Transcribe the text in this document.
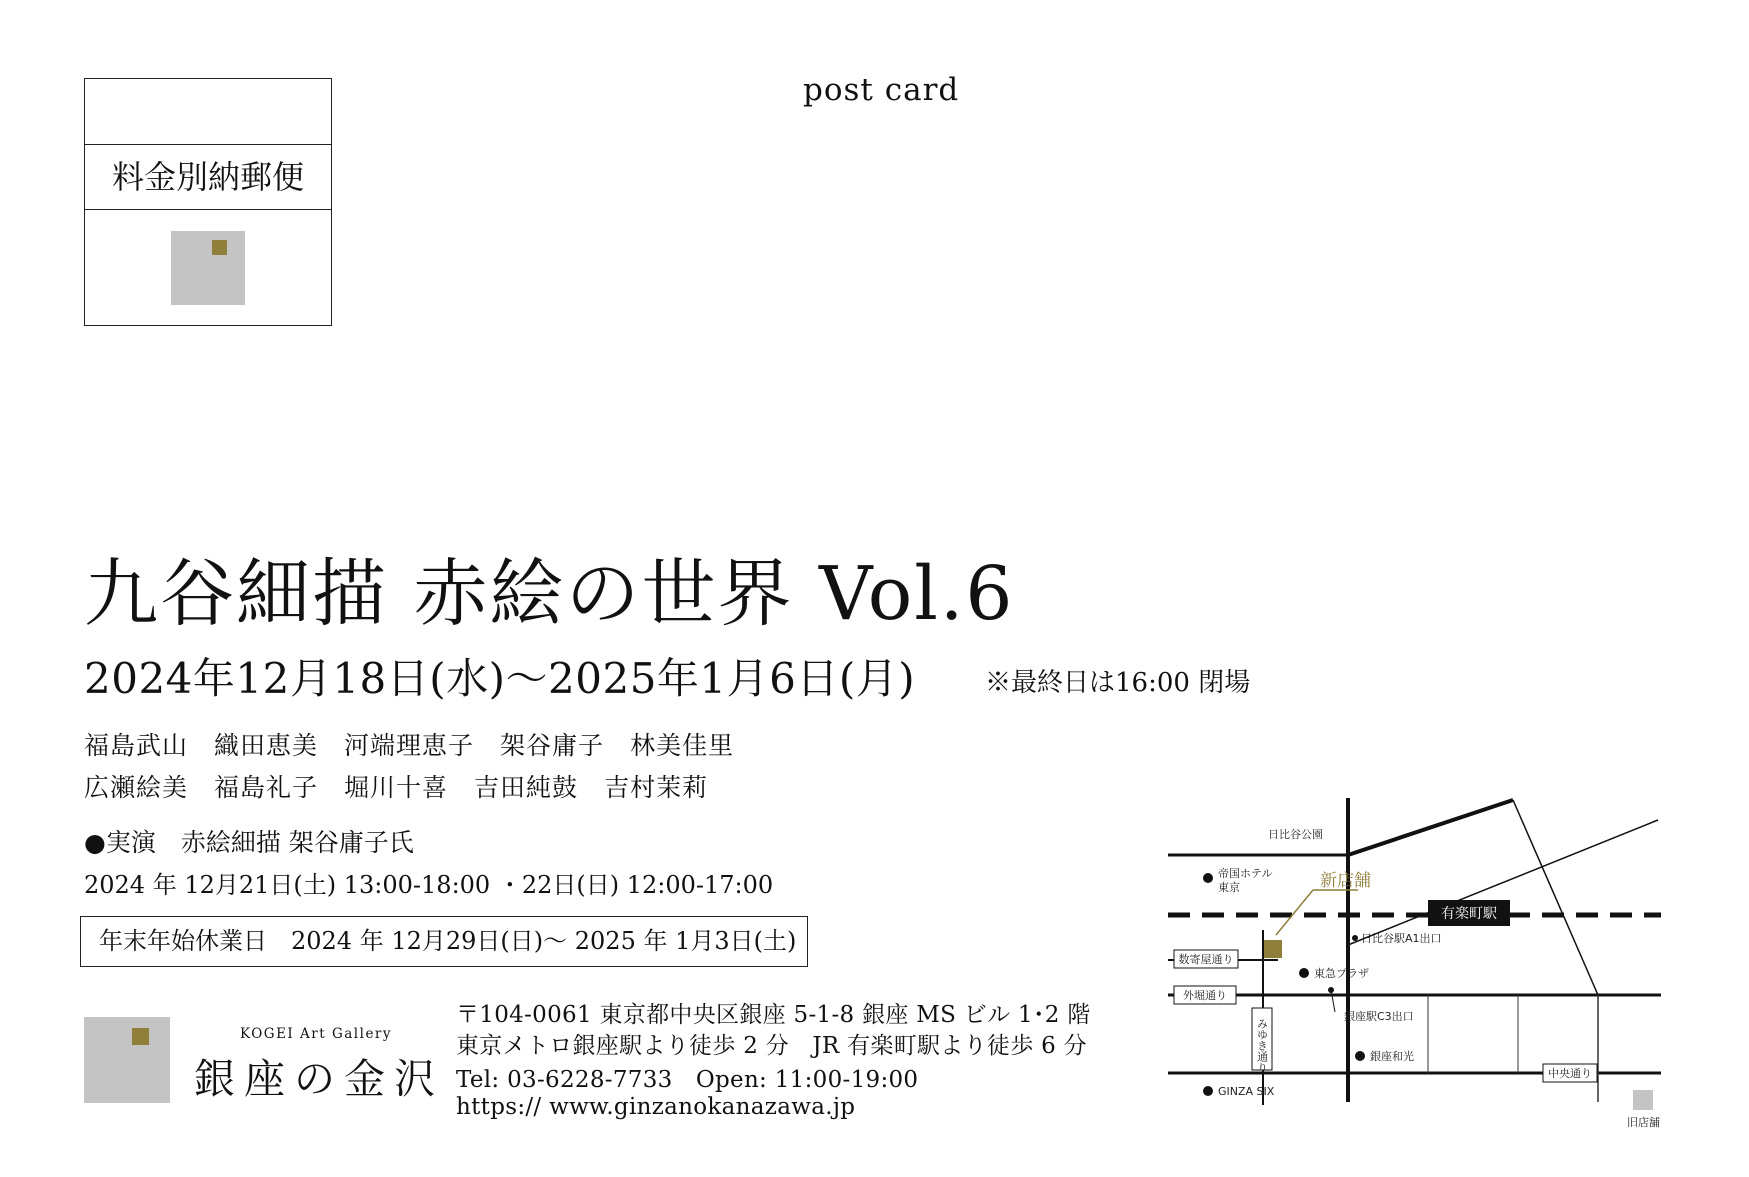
料金別納郵便
post card
九谷細描 赤絵の世界 Vol.6
2024年12月18日(水)～2025年1月6日(月)	※最終日は16:00 閉場
福島武山 織田恵美 河端理恵子 架谷庸子 林美佳里
広瀬絵美 福島礼子 堀川十喜 吉田純鼓 吉村茉莉
●実演　赤絵細描 架谷庸子氏
2024 年 12月21日(土) 13:00-18:00 ・22日(日) 12:00-17:00
年末年始休業日　2024 年 12月29日(日)～ 2025 年 1月3日(土)
KOGEI Art Gallery
銀座の金沢
〒104-0061 東京都中央区銀座 5-1-8 銀座 MS ビル 1･2 階
東京メトロ銀座駅より徒歩 2 分　JR 有楽町駅より徒歩 6 分
Tel: 03-6228-7733　Open: 11:00-19:00
https:// www.ginzanokanazawa.jp
有楽町駅
日比谷公園
帝国ホテル
東京	新店舗
日比谷駅A1出口
数寄屋通り
東急プラザ
外堀通り
銀座駅C3出口
みゆき通り	銀座和光
中央通り
GINZA SIX
旧店舗
